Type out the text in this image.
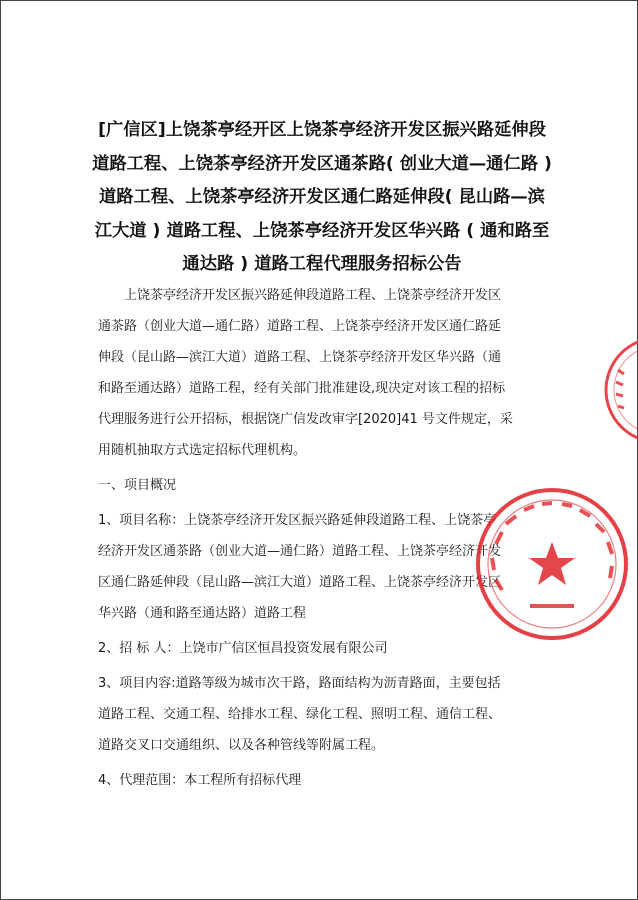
[广信区]上饶茶亭经开区上饶茶亭经济开发区振兴路延伸段
道路工程、上饶茶亭经济开发区通茶路( 创业大道—通仁路 )
道路工程、上饶茶亭经济开发区通仁路延伸段( 昆山路—滨
江大道 ) 道路工程、上饶茶亭经济开发区华兴路 ( 通和路至
通达路 ) 道路工程代理服务招标公告
上饶茶亭经济开发区振兴路延伸段道路工程、上饶茶亭经济开发区
通茶路（创业大道—通仁路）道路工程、上饶茶亭经济开发区通仁路延
伸段（昆山路—滨江大道）道路工程、上饶茶亭经济开发区华兴路（通
和路至通达路）道路工程，经有关部门批准建设,现决定对该工程的招标
代理服务进行公开招标，根据饶广信发改审字[2020]41 号文件规定，采
用随机抽取方式选定招标代理机构。
一、项目概况
1、项目名称：上饶茶亭经济开发区振兴路延伸段道路工程、上饶茶亭
经济开发区通茶路（创业大道—通仁路）道路工程、上饶茶亭经济开发
区通仁路延伸段（昆山路—滨江大道）道路工程、上饶茶亭经济开发区
华兴路（通和路至通达路）道路工程
2、招 标 人：上饶市广信区恒昌投资发展有限公司
3、项目内容:道路等级为城市次干路，路面结构为沥青路面，主要包括
道路工程、交通工程、给排水工程、绿化工程、照明工程、通信工程、
道路交叉口交通组织、以及各种管线等附属工程。
4、代理范围：本工程所有招标代理
